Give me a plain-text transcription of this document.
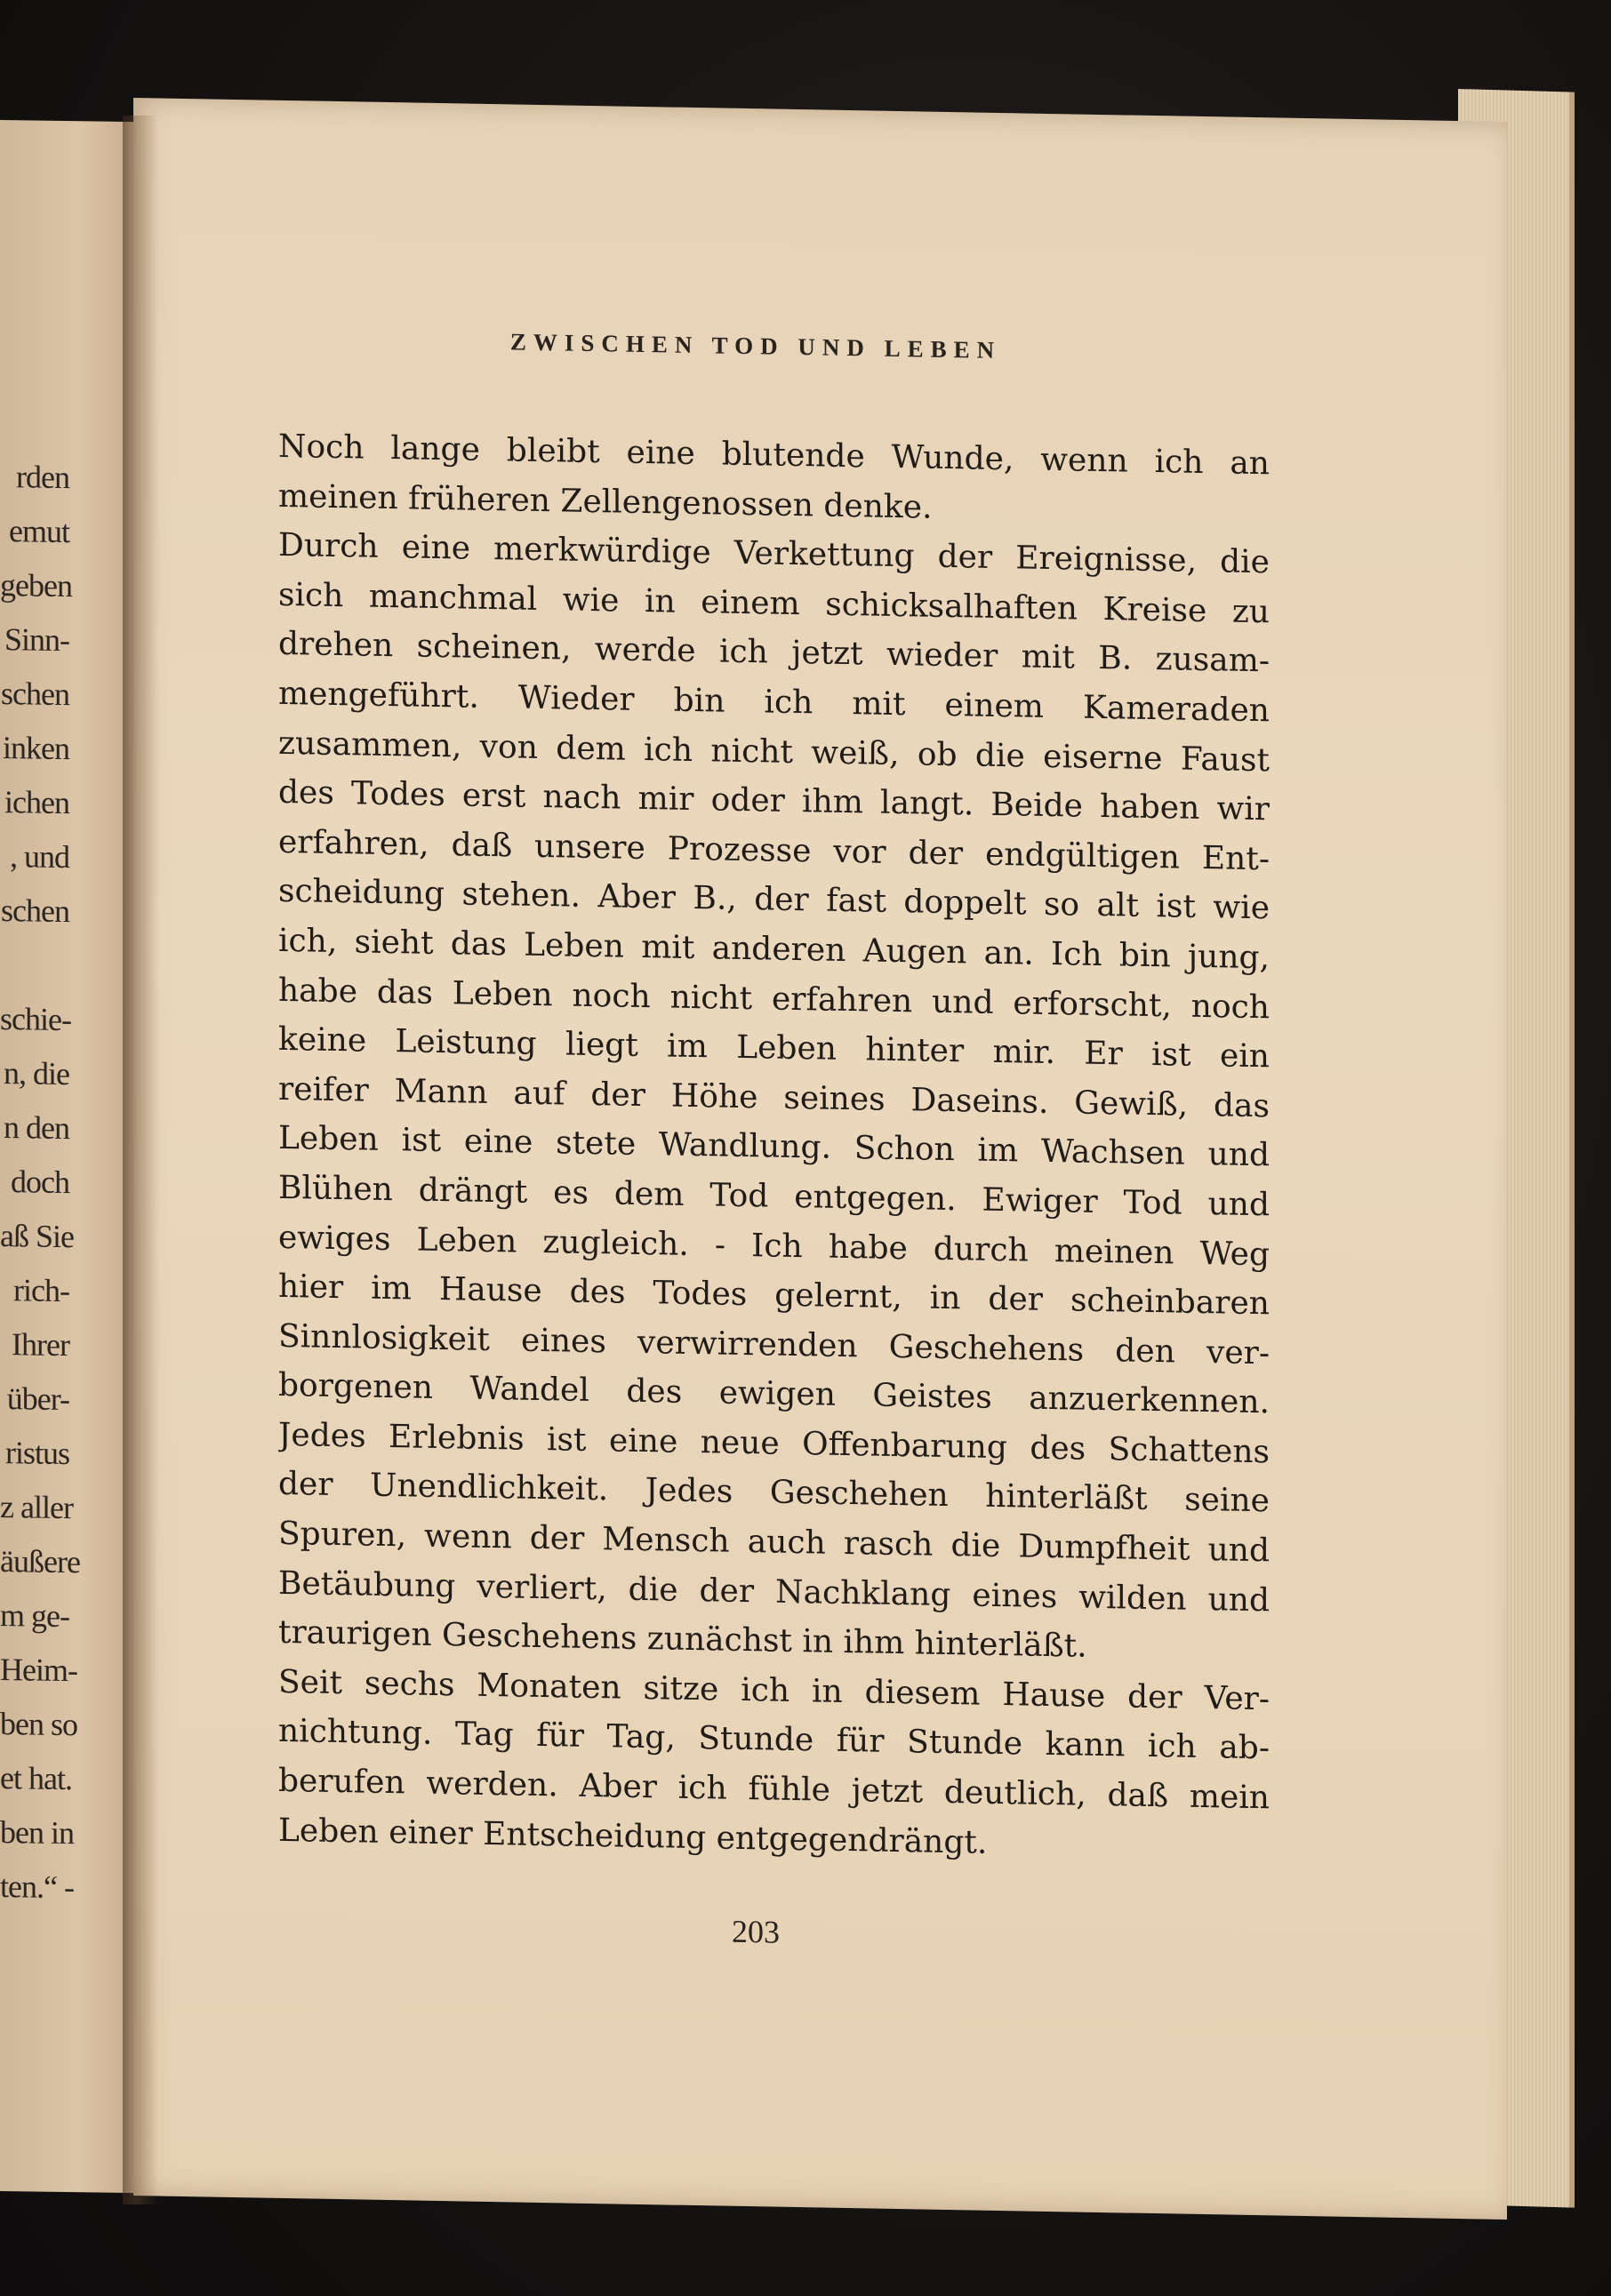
rden
emut
geben
Sinn-
schen
inken
ichen
, und
schen
schie-
n, die
n den
doch
aß Sie
rich-
Ihrer
über-
ristus
z aller
äußere
m ge-
Heim-
ben so
et hat.
ben in
ten.“ -
ZWISCHEN TOD UND LEBEN
Noch lange bleibt eine blutende Wunde, wenn ich an
meinen früheren Zellengenossen denke.
Durch eine merkwürdige Verkettung der Ereignisse, die
sich manchmal wie in einem schicksalhaften Kreise zu
drehen scheinen, werde ich jetzt wieder mit B. zusam-
mengeführt. Wieder bin ich mit einem Kameraden
zusammen, von dem ich nicht weiß, ob die eiserne Faust
des Todes erst nach mir oder ihm langt. Beide haben wir
erfahren, daß unsere Prozesse vor der endgültigen Ent-
scheidung stehen. Aber B., der fast doppelt so alt ist wie
ich, sieht das Leben mit anderen Augen an. Ich bin jung,
habe das Leben noch nicht erfahren und erforscht, noch
keine Leistung liegt im Leben hinter mir. Er ist ein
reifer Mann auf der Höhe seines Daseins. Gewiß, das
Leben ist eine stete Wandlung. Schon im Wachsen und
Blühen drängt es dem Tod entgegen. Ewiger Tod und
ewiges Leben zugleich. - Ich habe durch meinen Weg
hier im Hause des Todes gelernt, in der scheinbaren
Sinnlosigkeit eines verwirrenden Geschehens den ver-
borgenen Wandel des ewigen Geistes anzuerkennen.
Jedes Erlebnis ist eine neue Offenbarung des Schattens
der Unendlichkeit. Jedes Geschehen hinterläßt seine
Spuren, wenn der Mensch auch rasch die Dumpfheit und
Betäubung verliert, die der Nachklang eines wilden und
traurigen Geschehens zunächst in ihm hinterläßt.
Seit sechs Monaten sitze ich in diesem Hause der Ver-
nichtung. Tag für Tag, Stunde für Stunde kann ich ab-
berufen werden. Aber ich fühle jetzt deutlich, daß mein
Leben einer Entscheidung entgegendrängt.

203
